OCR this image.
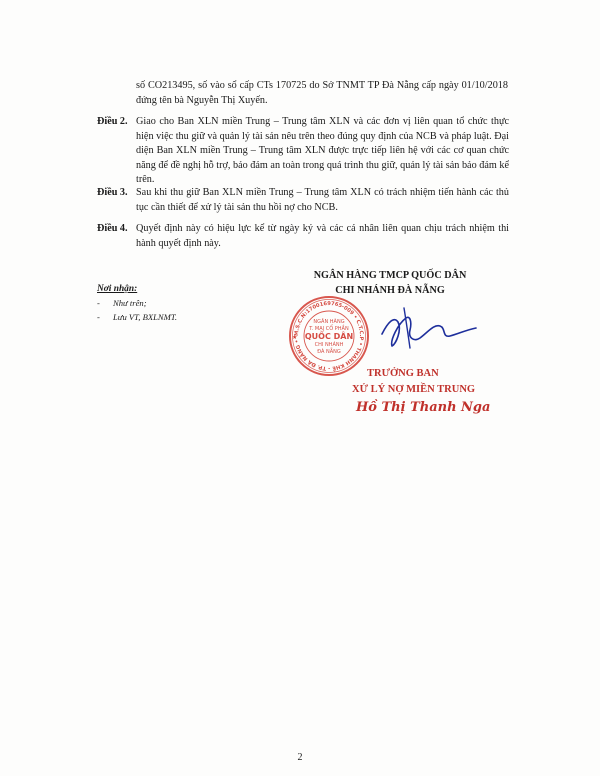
số CO213495, số vào sổ cấp CTs 170725 do Sở TNMT TP Đà Nẵng cấp ngày 01/10/2018 đứng tên bà Nguyễn Thị Xuyến.

Điều 2. Giao cho Ban XLN miền Trung – Trung tâm XLN và các đơn vị liên quan tổ chức thực hiện việc thu giữ và quản lý tài sản nêu trên theo đúng quy định của NCB và pháp luật. Đại diện Ban XLN miền Trung – Trung tâm XLN được trực tiếp liên hệ với các cơ quan chức năng để đề nghị hỗ trợ, bảo đảm an toàn trong quá trình thu giữ, quản lý tài sản bảo đảm kể trên.
Điều 3. Sau khi thu giữ Ban XLN miền Trung – Trung tâm XLN có trách nhiệm tiến hành các thủ tục cần thiết để xử lý tài sản thu hồi nợ cho NCB.
Điều 4. Quyết định này có hiệu lực kể từ ngày ký và các cá nhân liên quan chịu trách nhiệm thi hành quyết định này.
Nơi nhận:
- Như trên;
- Lưu VT, BXLNMT.
NGÂN HÀNG TMCP QUỐC DÂN
CHI NHÁNH ĐÀ NẴNG
M.S.C.N:1700169765-009 • C.T.C.P • THANH KHÊ - TP. ĐÀ NẴNG •
NGÂN HÀNG
T. MẠI CỔ PHẦN
QUỐC DÂN
CHI NHÁNH
ĐÀ NẴNG
★
TRƯỞNG BAN
XỬ LÝ NỢ MIỀN TRUNG
Hồ Thị Thanh Nga
2
